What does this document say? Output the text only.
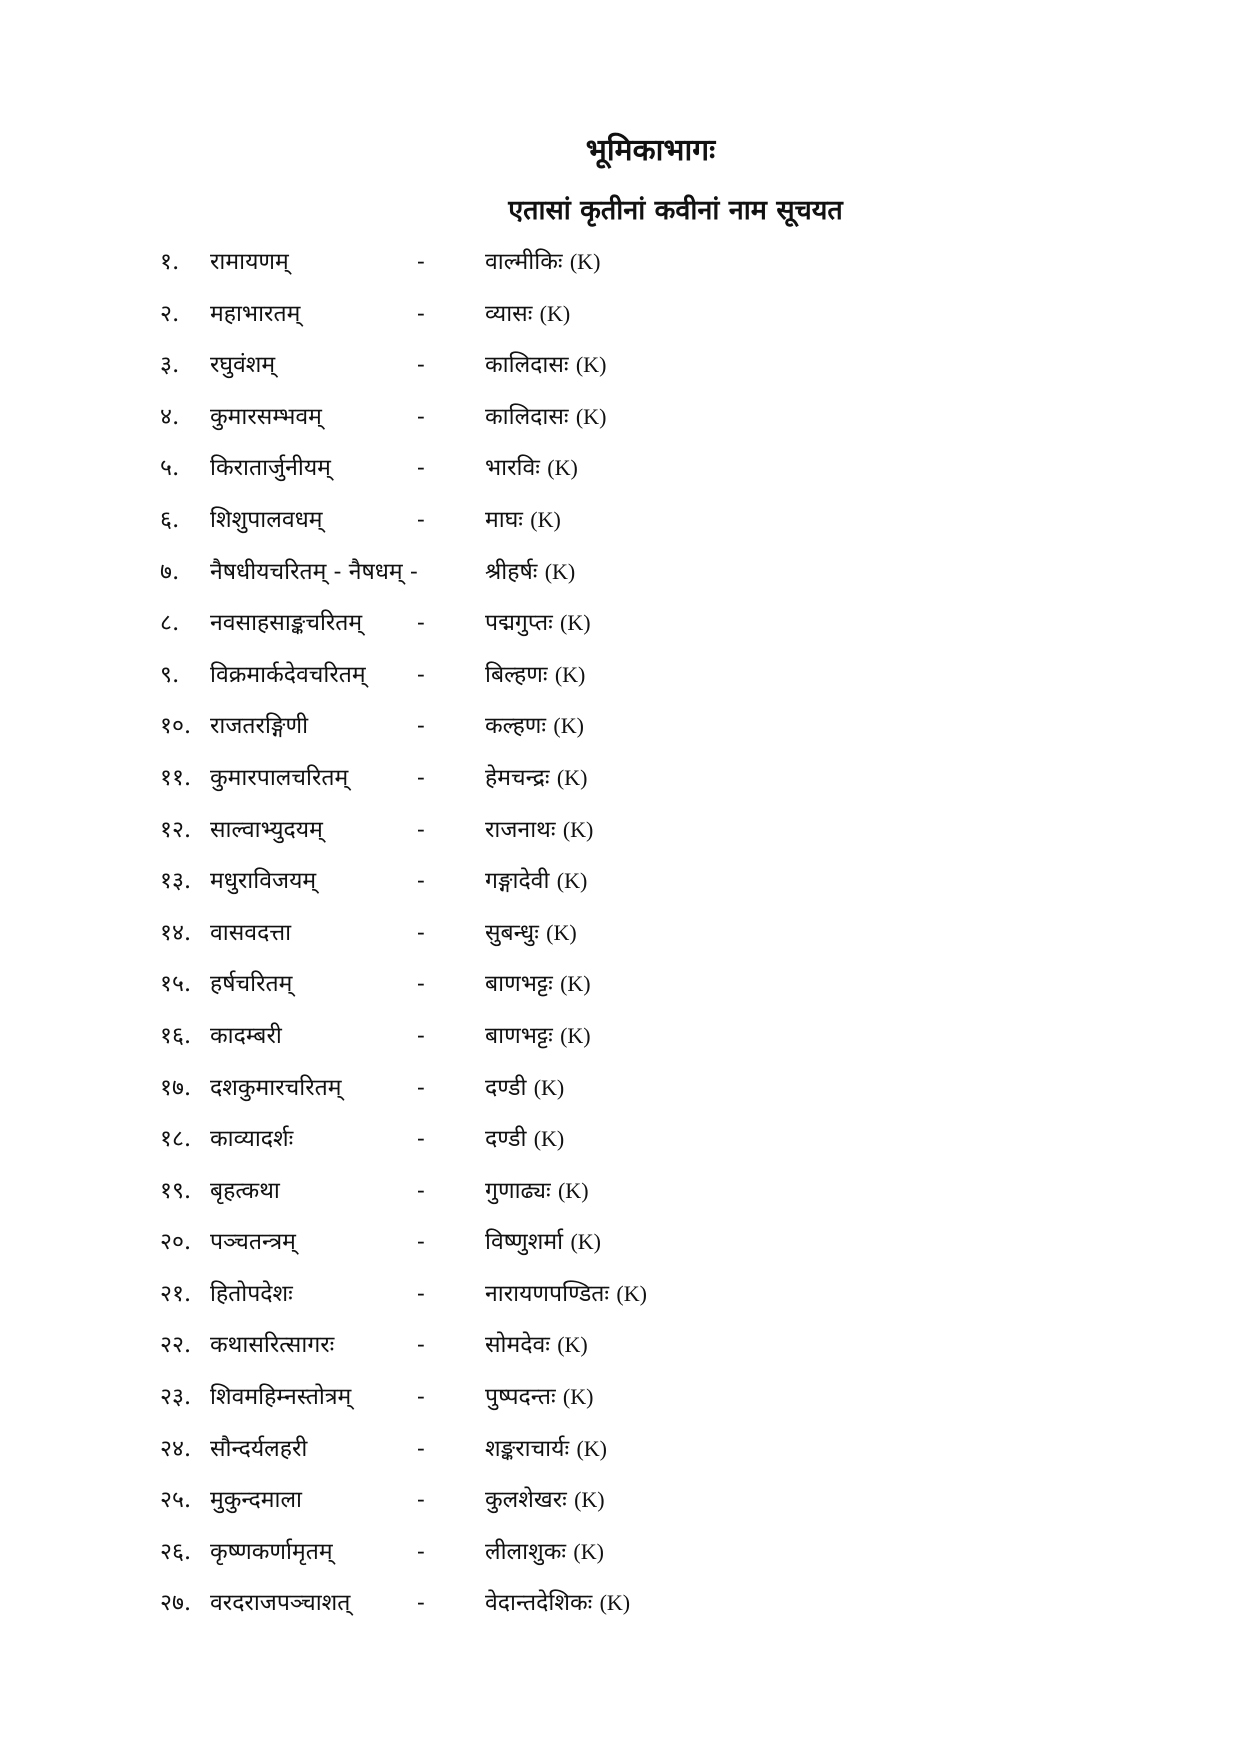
भूमिकाभागः
एतासां कृतीनां कवीनां नाम सूचयत
१. रामायणम्	-	वाल्मीकिः (K)
२. महाभारतम्	-	व्यासः (K)
३. रघुवंशम्	-	कालिदासः (K)
४. कुमारसम्भवम्	-	कालिदासः (K)
५. किरातार्जुनीयम्	-	भारविः (K)
६. शिशुपालवधम्	-	माघः (K)
७. नैषधीयचरितम् - नैषधम् -	श्रीहर्षः (K)
८. नवसाहसाङ्कचरितम् -	पद्मगुप्तः (K)
९. विक्रमार्कदेवचरितम् -	बिल्हणः (K)
१०. राजतरङ्गिणी	-	कल्हणः (K)
११. कुमारपालचरितम्	-	हेमचन्द्रः (K)
१२. साल्वाभ्युदयम्	-	राजनाथः (K)
१३. मधुराविजयम्	-	गङ्गादेवी (K)
१४. वासवदत्ता	-	सुबन्धुः (K)
१५. हर्षचरितम्	-	बाणभट्टः (K)
१६. कादम्बरी	-	बाणभट्टः (K)
१७. दशकुमारचरितम्	-	दण्डी (K)
१८. काव्यादर्शः	-	दण्डी (K)
१९. बृहत्कथा	-	गुणाढ्यः (K)
२०. पञ्चतन्त्रम्	-	विष्णुशर्मा (K)
२१. हितोपदेशः	-	नारायणपण्डितः (K)
२२. कथासरित्सागरः	-	सोमदेवः (K)
२३. शिवमहिम्नस्तोत्रम्	-	पुष्पदन्तः (K)
२४. सौन्दर्यलहरी	-	शङ्कराचार्यः (K)
२५. मुकुन्दमाला	-	कुलशेखरः (K)
२६. कृष्णकर्णामृतम्	-	लीलाशुकः (K)
२७. वरदराजपञ्चाशत्	-	वेदान्तदेशिकः (K)
